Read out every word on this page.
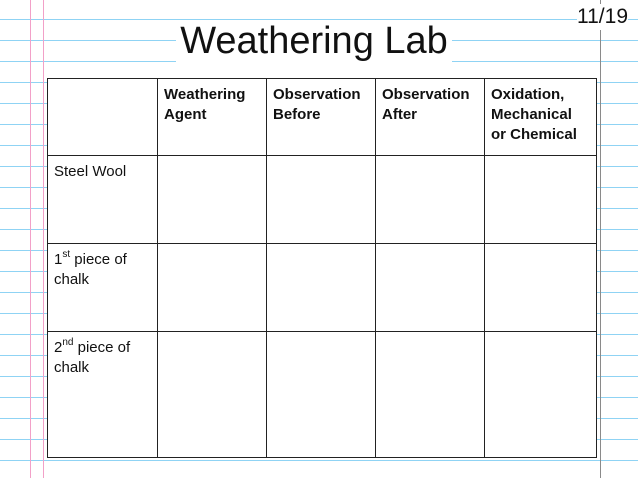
11/19
Weathering Lab
	Weathering Agent	Observation Before	Observation After	Oxidation, Mechanical or Chemical
Steel Wool				
1st piece of chalk				
2nd piece of chalk				
